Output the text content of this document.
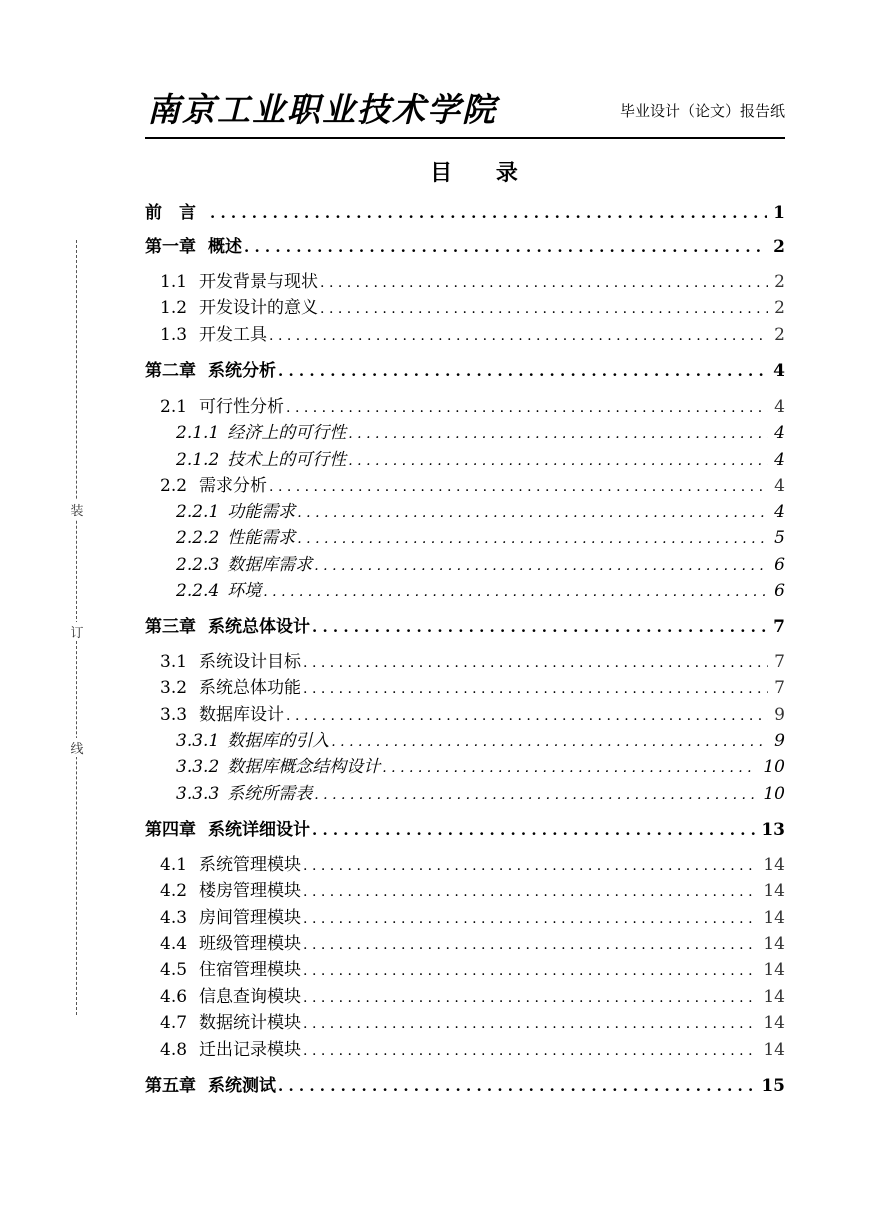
南京工业职业技术学院	毕业设计（论文）报告纸
装
订
线
目 录
前　言 . . .	1
第一章 概述 . . .	2
1.1 开发背景与现状 . . .	2
1.2 开发设计的意义 . . .	2
1.3 开发工具 . . .	2
第二章 系统分析 . . .	4
2.1 可行性分析 . . .	4
2.1.1 经济上的可行性 . . .	4
2.1.2 技术上的可行性 . . .	4
2.2 需求分析 . . .	4
2.2.1 功能需求 . . .	4
2.2.2 性能需求 . . .	5
2.2.3 数据库需求 . . .	6
2.2.4 环境 . . .	6
第三章 系统总体设计 . . .	7
3.1 系统设计目标 . . .	7
3.2 系统总体功能 . . .	7
3.3 数据库设计 . . .	9
3.3.1 数据库的引入 . . .	9
3.3.2 数据库概念结构设计 . . .	10
3.3.3 系统所需表 . . .	10
第四章 系统详细设计 . . .	13
4.1 系统管理模块 . . .	14
4.2 楼房管理模块 . . .	14
4.3 房间管理模块 . . .	14
4.4 班级管理模块 . . .	14
4.5 住宿管理模块 . . .	14
4.6 信息查询模块 . . .	14
4.7 数据统计模块 . . .	14
4.8 迁出记录模块 . . .	14
第五章 系统测试 . . .	15
